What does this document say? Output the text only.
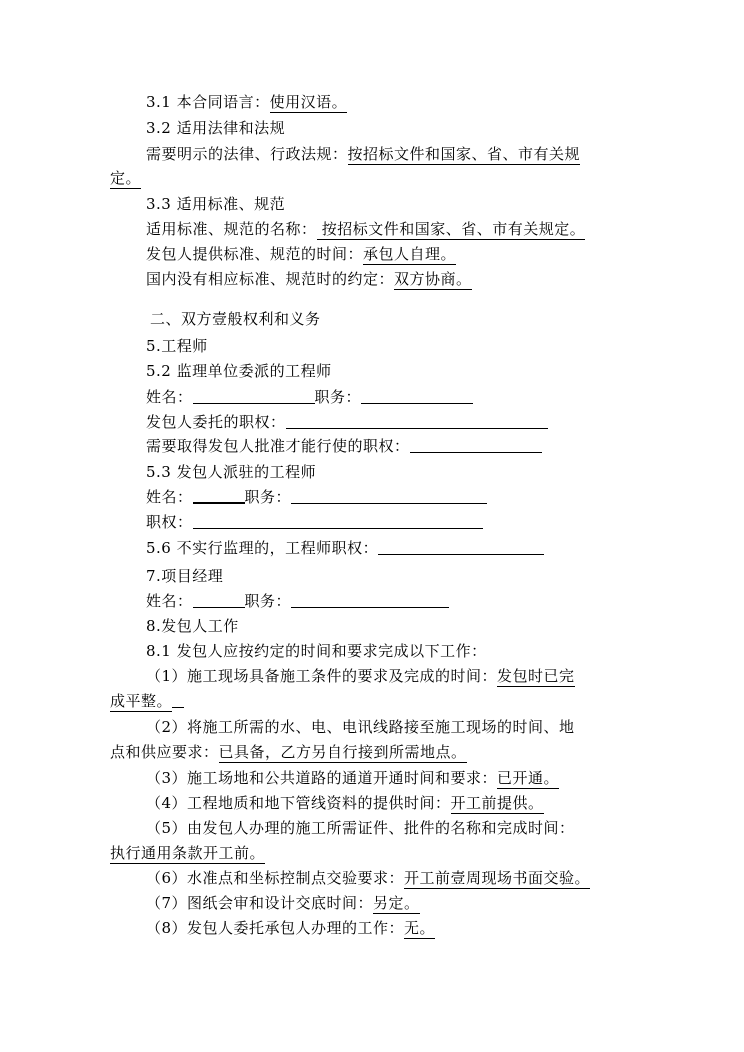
3.1 本合同语言：使用汉语。
3.2 适用法律和法规
需要明示的法律、行政法规：按招标文件和国家、省、市有关规
定。
3.3 适用标准、规范
适用标准、规范的名称： 按招标文件和国家、省、市有关规定。
发包人提供标准、规范的时间：承包人自理。
国内没有相应标准、规范时的约定：双方协商。
二、双方壹般权利和义务
5.工程师
5.2 监理单位委派的工程师
姓名：	职务：
发包人委托的职权：
需要取得发包人批准才能行使的职权：
5.3 发包人派驻的工程师
姓名：	职务：
职权：
5.6 不实行监理的，工程师职权：
7.项目经理
姓名：	职务：
8.发包人工作
8.1 发包人应按约定的时间和要求完成以下工作：
（1）施工现场具备施工条件的要求及完成的时间：发包时已完
成平整。
（2）将施工所需的水、电、电讯线路接至施工现场的时间、地
点和供应要求：已具备，乙方另自行接到所需地点。
（3）施工场地和公共道路的通道开通时间和要求：已开通。
（4）工程地质和地下管线资料的提供时间：开工前提供。
（5）由发包人办理的施工所需证件、批件的名称和完成时间：
执行通用条款开工前。
（6）水准点和坐标控制点交验要求：开工前壹周现场书面交验。
（7）图纸会审和设计交底时间：另定。
（8）发包人委托承包人办理的工作：无。
